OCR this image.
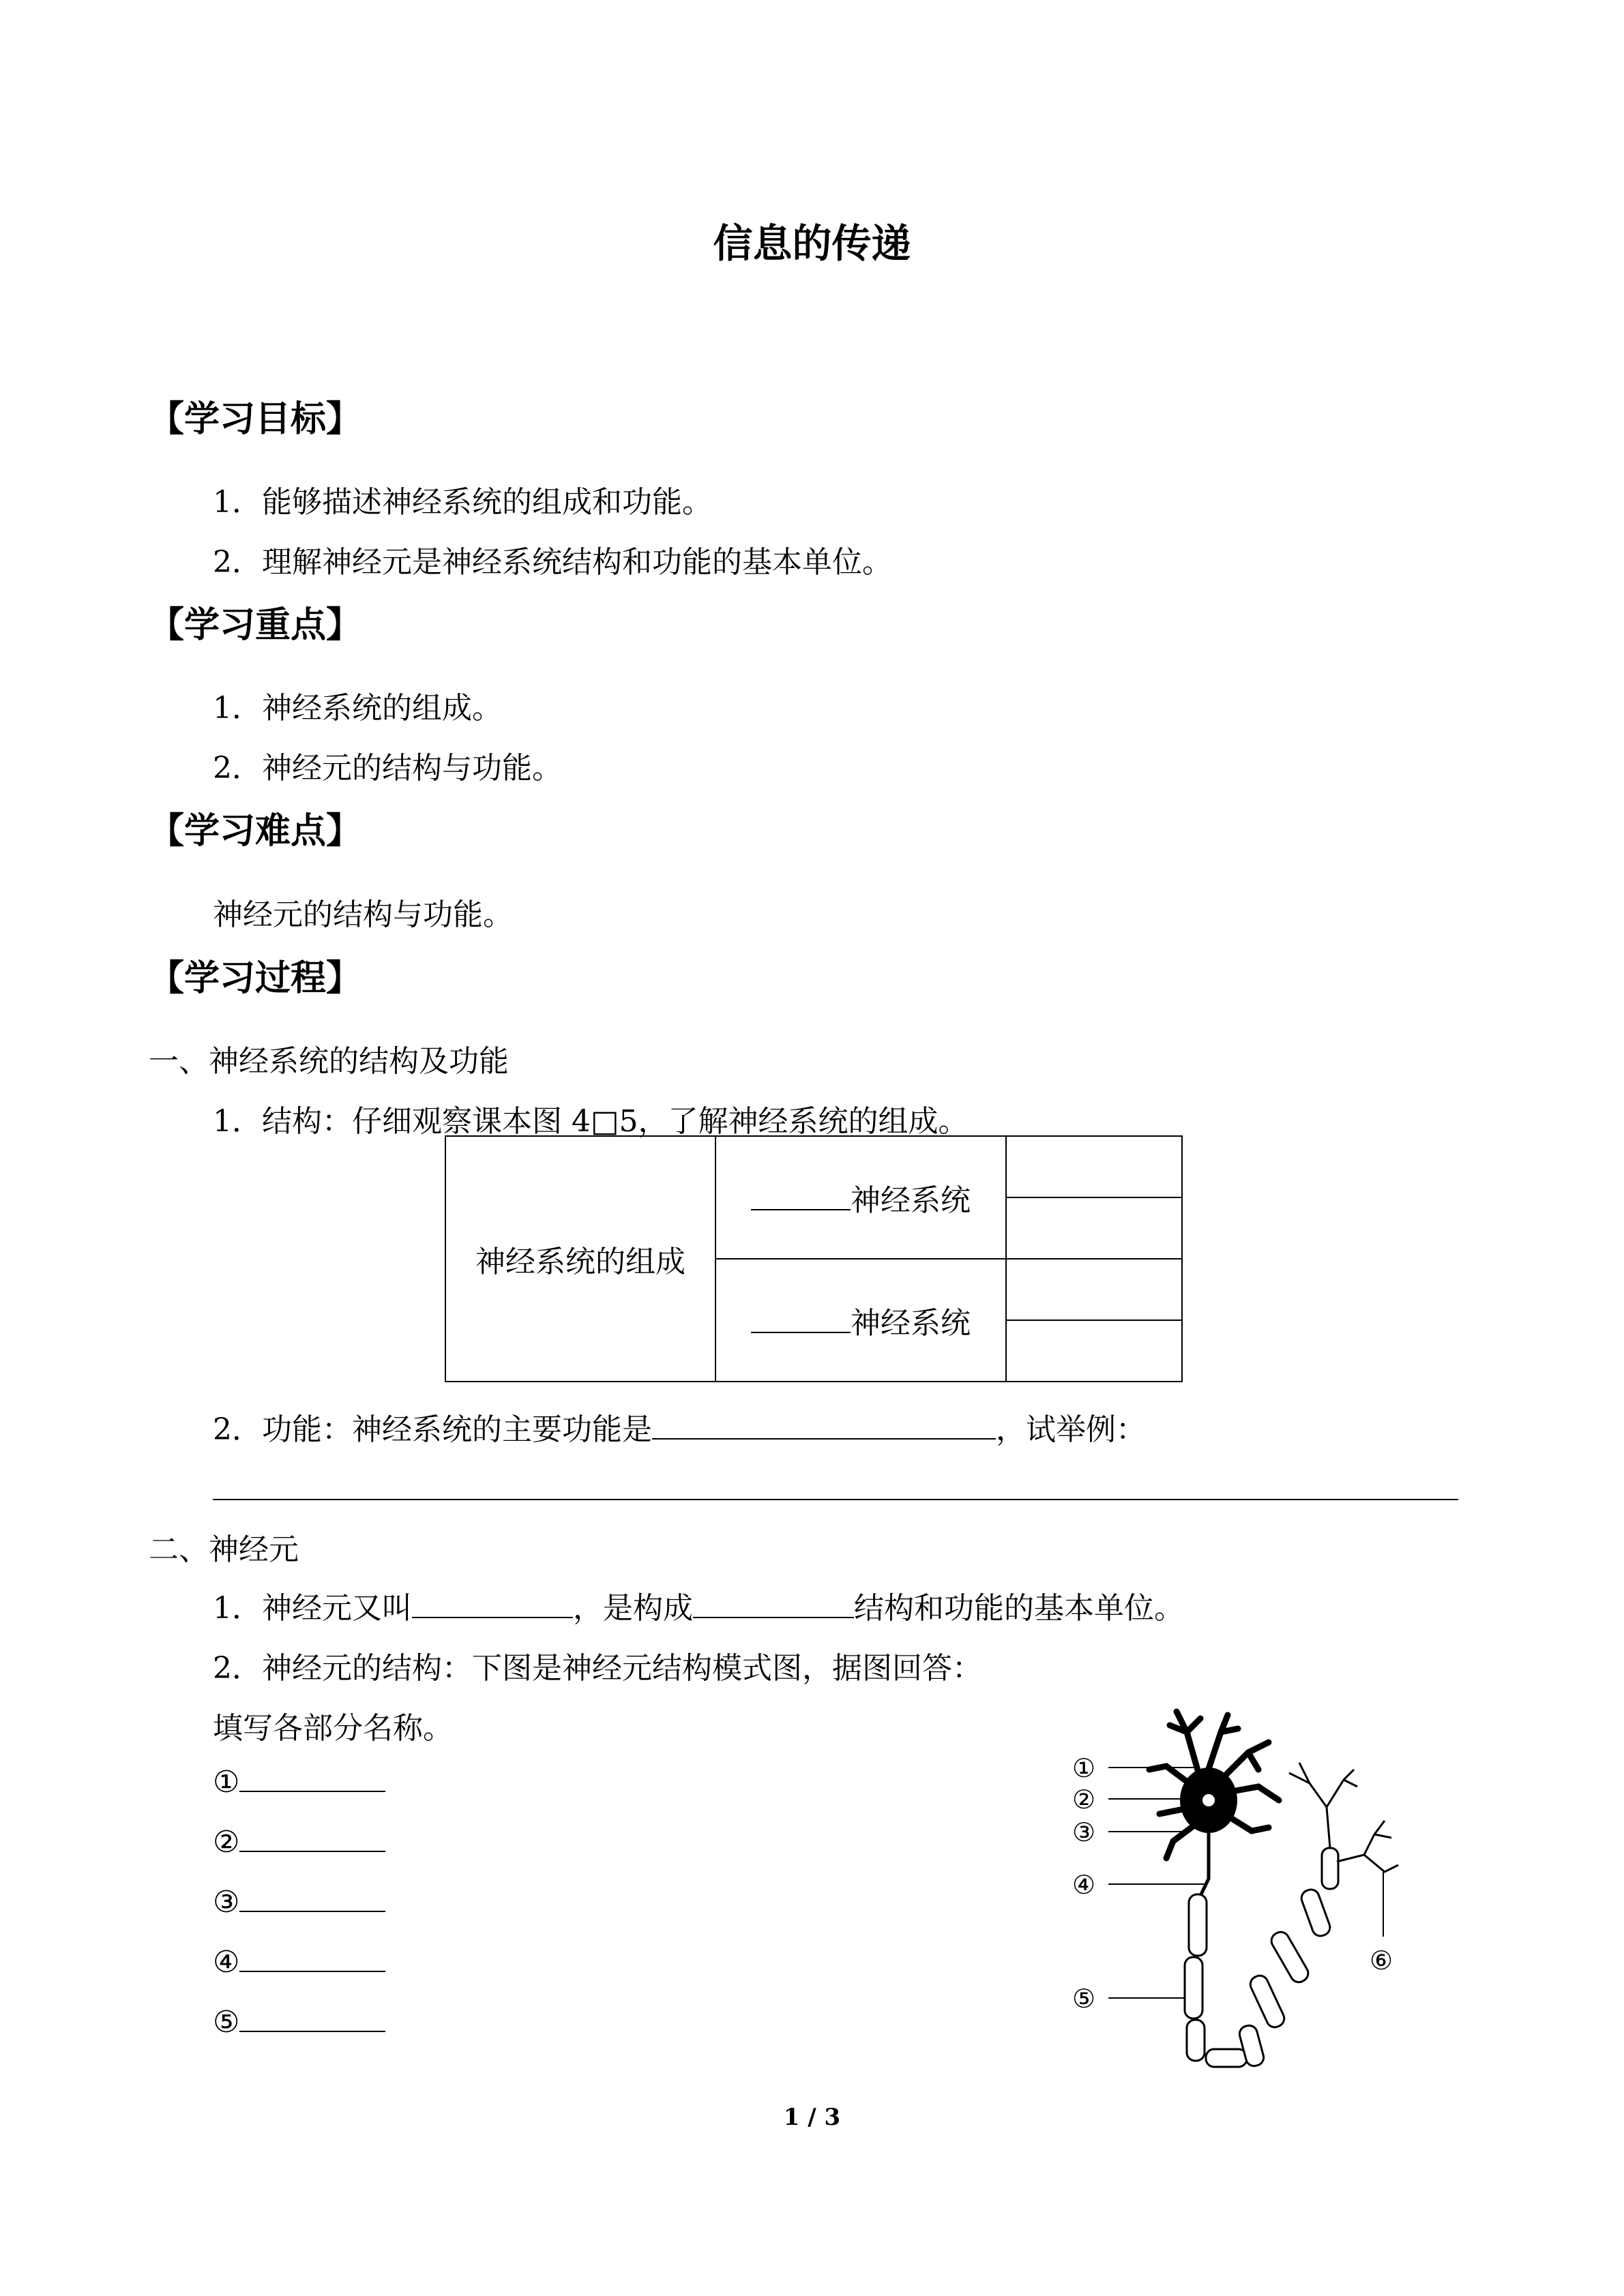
信息的传递
【学习目标】
1．能够描述神经系统的组成和功能。
2．理解神经元是神经系统结构和功能的基本单位。
【学习重点】
1．神经系统的组成。
2．神经元的结构与功能。
【学习难点】
神经元的结构与功能。
【学习过程】
一、神经系统的结构及功能
1．结构：仔细观察课本图 4□5，了解神经系统的组成。
神经系统的组成	神经系统	

	神经系统	

2．功能：神经系统的主要功能是	，试举例：
二、神经元
1．神经元又叫	，是构成	结构和功能的基本单位。
2．神经元的结构：下图是神经元结构模式图，据图回答：
填写各部分名称。
①
②
③
④
⑤
①
②
③
④
⑤
⑥
1 / 3
